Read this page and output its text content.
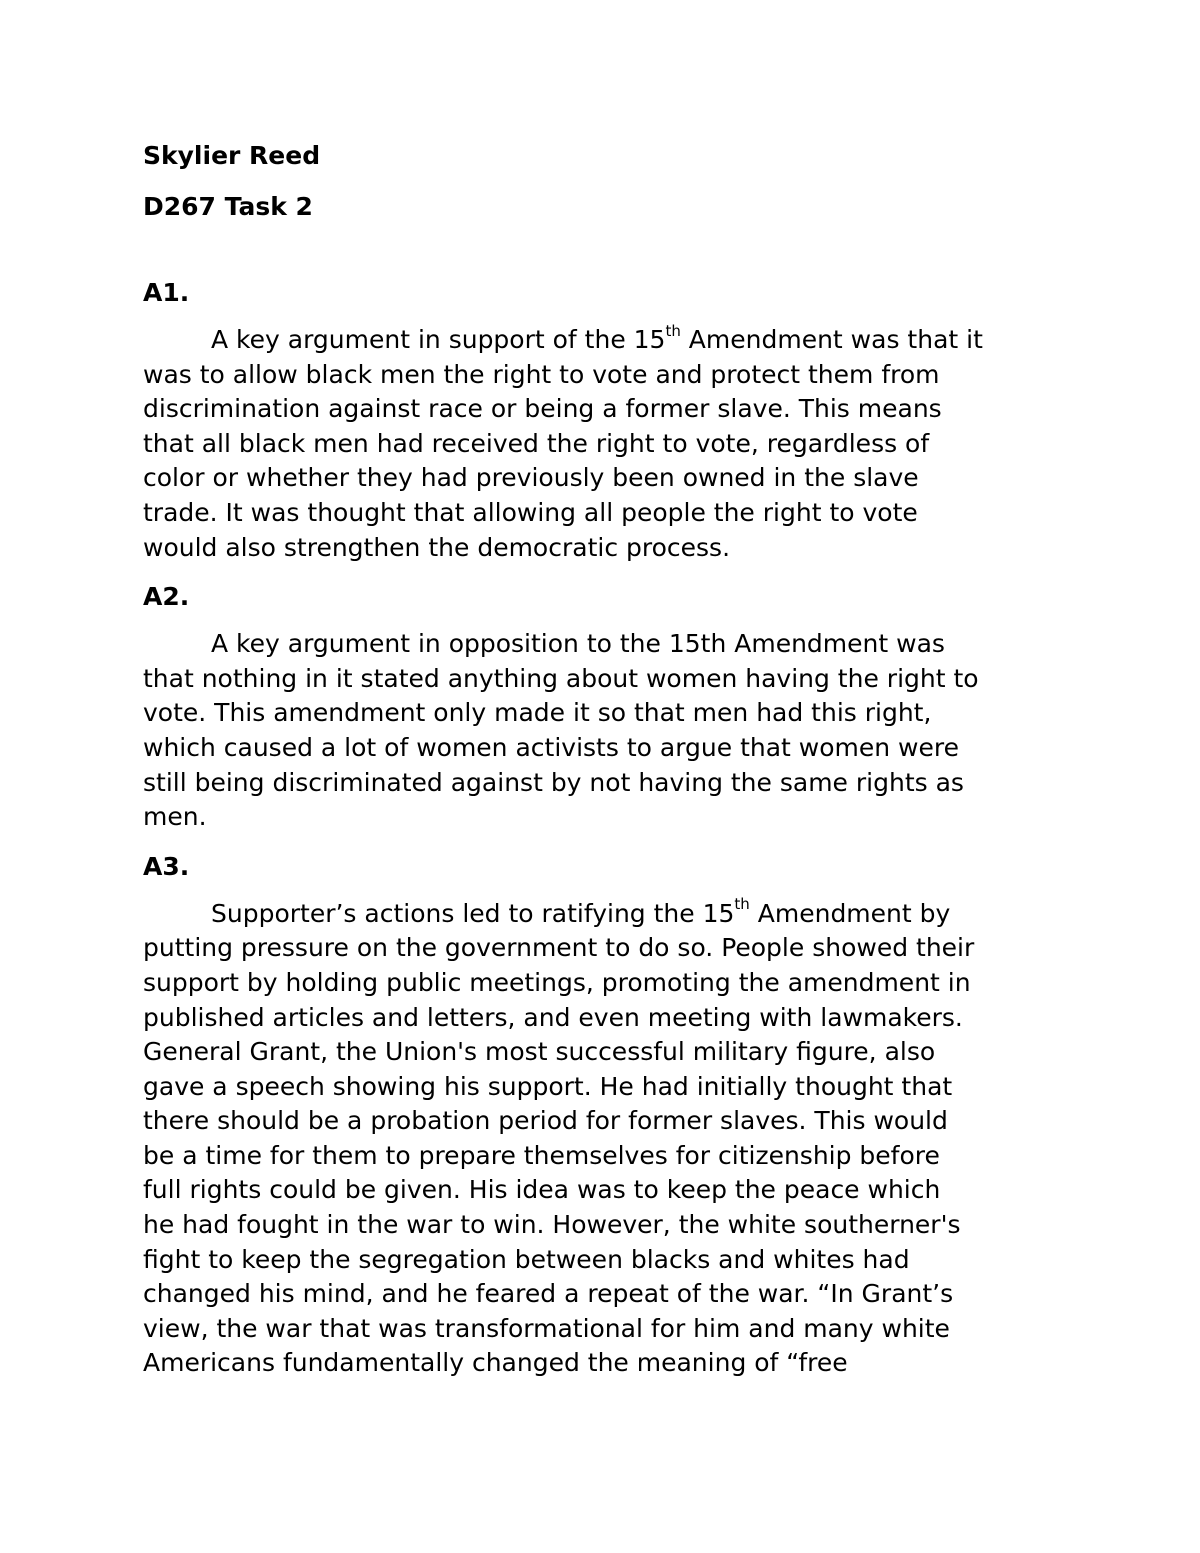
Skylier Reed
D267 Task 2
A1.
A key argument in support of the 15th Amendment was that it
was to allow black men the right to vote and protect them from
discrimination against race or being a former slave. This means
that all black men had received the right to vote, regardless of
color or whether they had previously been owned in the slave
trade. It was thought that allowing all people the right to vote
would also strengthen the democratic process.
A2.
A key argument in opposition to the 15th Amendment was
that nothing in it stated anything about women having the right to
vote. This amendment only made it so that men had this right,
which caused a lot of women activists to argue that women were
still being discriminated against by not having the same rights as
men.
A3.
Supporter’s actions led to ratifying the 15th Amendment by
putting pressure on the government to do so. People showed their
support by holding public meetings, promoting the amendment in
published articles and letters, and even meeting with lawmakers.
General Grant, the Union's most successful military figure, also
gave a speech showing his support. He had initially thought that
there should be a probation period for former slaves. This would
be a time for them to prepare themselves for citizenship before
full rights could be given. His idea was to keep the peace which
he had fought in the war to win. However, the white southerner's
fight to keep the segregation between blacks and whites had
changed his mind, and he feared a repeat of the war. “In Grant’s
view, the war that was transformational for him and many white
Americans fundamentally changed the meaning of “free
